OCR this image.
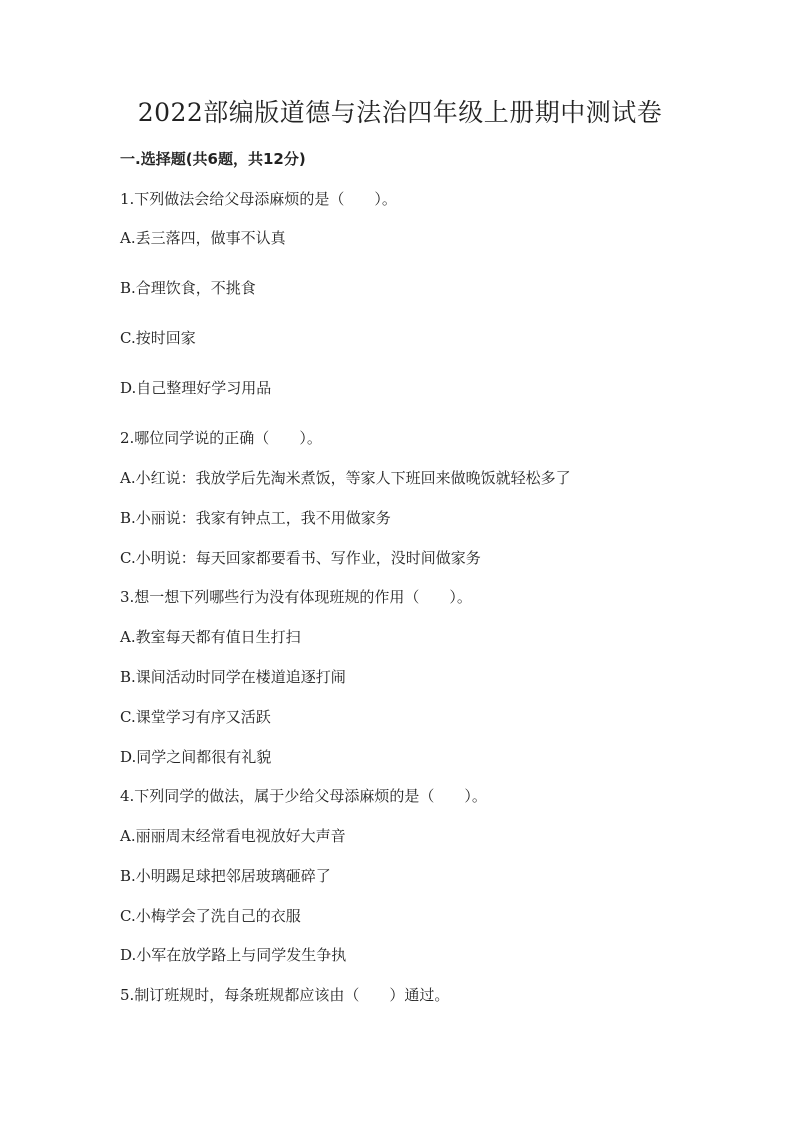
2022部编版道德与法治四年级上册期中测试卷
一.选择题(共6题，共12分)
1.下列做法会给父母添麻烦的是（　　）。
A.丢三落四，做事不认真
B.合理饮食，不挑食
C.按时回家
D.自己整理好学习用品
2.哪位同学说的正确（　　）。
A.小红说：我放学后先淘米煮饭，等家人下班回来做晚饭就轻松多了
B.小丽说：我家有钟点工，我不用做家务
C.小明说：每天回家都要看书、写作业，没时间做家务
3.想一想下列哪些行为没有体现班规的作用（　　）。
A.教室每天都有值日生打扫
B.课间活动时同学在楼道追逐打闹
C.课堂学习有序又活跃
D.同学之间都很有礼貌
4.下列同学的做法，属于少给父母添麻烦的是（　　）。
A.丽丽周末经常看电视放好大声音
B.小明踢足球把邻居玻璃砸碎了
C.小梅学会了洗自己的衣服
D.小军在放学路上与同学发生争执
5.制订班规时，每条班规都应该由（　　）通过。
